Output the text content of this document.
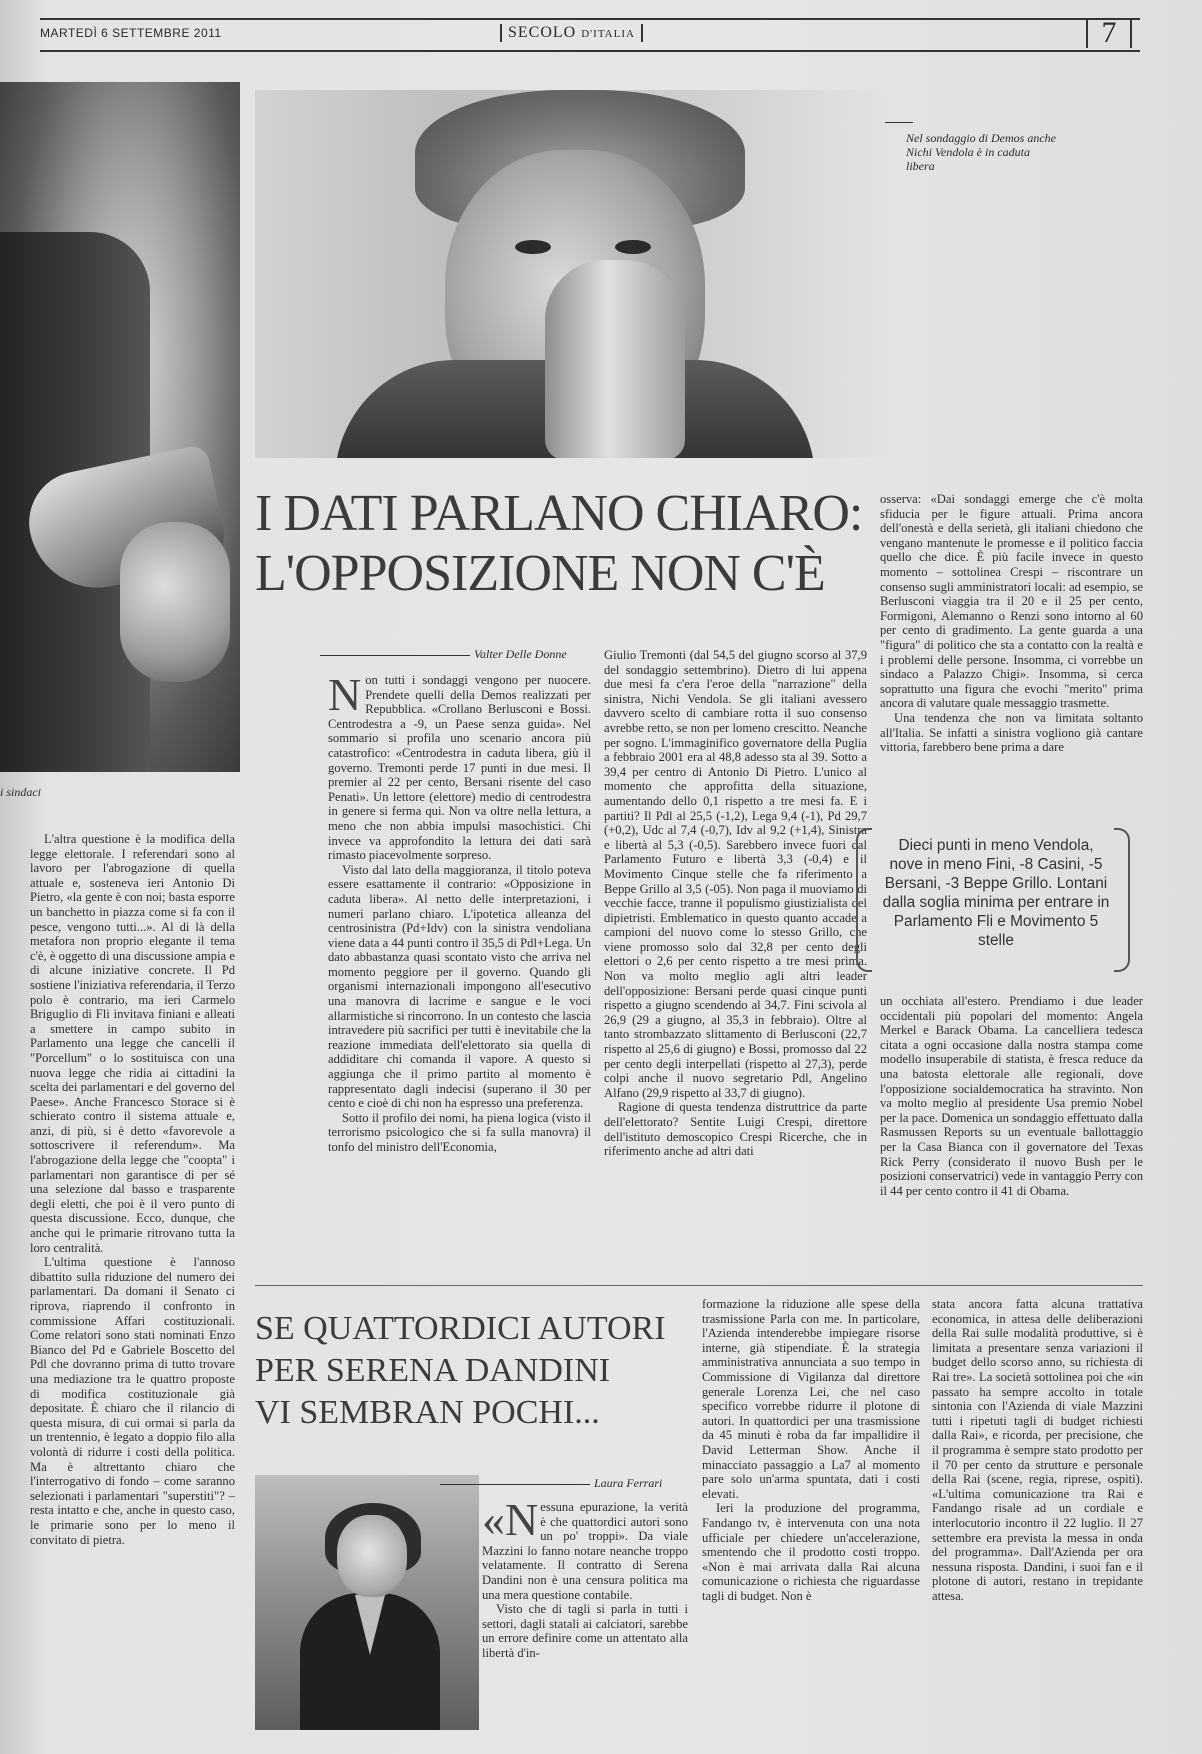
MARTEDÌ 6 SETTEMBRE 2011	SECOLO D'ITALIA	7
i sindaci
Nel sondaggio di Demos anche Nichi Vendola è in caduta libera
I DATI PARLANO CHIARO:
L'OPPOSIZIONE NON C'È
Valter Delle Donne

L'altra questione è la modifica della legge elettorale. I referendari sono al lavoro per l'abrogazione di quella attuale e, sosteneva ieri Antonio Di Pietro, «la gente è con noi; basta esporre un banchetto in piazza come si fa con il pesce, vengono tutti...». Al di là della metafora non proprio elegante il tema c'è, è oggetto di una discussione ampia e di alcune iniziative concrete. Il Pd sostiene l'iniziativa referendaria, il Terzo polo è contrario, ma ieri Carmelo Briguglio di Fli invitava finiani e alleati a smettere in campo subito in Parlamento una legge che cancelli il "Porcellum" o lo sostituisca con una nuova legge che ridia ai cittadini la scelta dei parlamentari e del governo del Paese». Anche Francesco Storace si è schierato contro il sistema attuale e, anzi, di più, si è detto «favorevole a sottoscrivere il referendum». Ma l'abrogazione della legge che "coopta" i parlamentari non garantisce di per sé una selezione dal basso e trasparente degli eletti, che poi è il vero punto di questa discussione. Ecco, dunque, che anche qui le primarie ritrovano tutta la loro centralità.

L'ultima questione è l'annoso dibattito sulla riduzione del numero dei parlamentari. Da domani il Senato ci riprova, riaprendo il confronto in commissione Affari costituzionali. Come relatori sono stati nominati Enzo Bianco del Pd e Gabriele Boscetto del Pdl che dovranno prima di tutto trovare una mediazione tra le quattro proposte di modifica costituzionale già depositate. È chiaro che il rilancio di questa misura, di cui ormai si parla da un trentennio, è legato a doppio filo alla volontà di ridurre i costi della politica. Ma è altrettanto chiaro che l'interrogativo di fondo – come saranno selezionati i parlamentari "superstiti"? – resta intatto e che, anche in questo caso, le primarie sono per lo meno il convitato di pietra.

Non tutti i sondaggi vengono per nuocere. Prendete quelli della Demos realizzati per Repubblica. «Crollano Berlusconi e Bossi. Centrodestra a -9, un Paese senza guida». Nel sommario si profila uno scenario ancora più catastrofico: «Centrodestra in caduta libera, giù il governo. Tremonti perde 17 punti in due mesi. Il premier al 22 per cento, Bersani risente del caso Penati». Un lettore (elettore) medio di centrodestra in genere si ferma qui. Non va oltre nella lettura, a meno che non abbia impulsi masochistici. Chi invece va approfondito la lettura dei dati sarà rimasto piacevolmente sorpreso.

Visto dal lato della maggioranza, il titolo poteva essere esattamente il contrario: «Opposizione in caduta libera». Al netto delle interpretazioni, i numeri parlano chiaro. L'ipotetica alleanza del centrosinistra (Pd+Idv) con la sinistra vendoliana viene data a 44 punti contro il 35,5 di Pdl+Lega. Un dato abbastanza quasi scontato visto che arriva nel momento peggiore per il governo. Quando gli organismi internazionali impongono all'esecutivo una manovra di lacrime e sangue e le voci allarmistiche si rincorrono. In un contesto che lascia intravedere più sacrifici per tutti è inevitabile che la reazione immediata dell'elettorato sia quella di addiditare chi comanda il vapore. A questo si aggiunga che il primo partito al momento è rappresentato dagli indecisi (superano il 30 per cento e cioè di chi non ha espresso una preferenza.

Sotto il profilo dei nomi, ha piena logica (visto il terrorismo psicologico che si fa sulla manovra) il tonfo del ministro dell'Economia,

Giulio Tremonti (dal 54,5 del giugno scorso al 37,9 del sondaggio settembrino). Dietro di lui appena due mesi fa c'era l'eroe della "narrazione" della sinistra, Nichi Vendola. Se gli italiani avessero davvero scelto di cambiare rotta il suo consenso avrebbe retto, se non per lomeno crescitto. Neanche per sogno. L'immaginifico governatore della Puglia a febbraio 2001 era al 48,8 adesso sta al 39. Sotto a 39,4 per centro di Antonio Di Pietro. L'unico al momento che approfitta della situazione, aumentando dello 0,1 rispetto a tre mesi fa. E i partiti? Il Pdl al 25,5 (-1,2), Lega 9,4 (-1), Pd 29,7 (+0,2), Udc al 7,4 (-0,7), Idv al 9,2 (+1,4), Sinistra e libertà al 5,3 (-0,5). Sarebbero invece fuori dal Parlamento Futuro e libertà 3,3 (-0,4) e il Movimento Cinque stelle che fa riferimento a Beppe Grillo al 3,5 (-05). Non paga il muoviamo di vecchie facce, tranne il populismo giustizialista del dipietristi. Emblematico in questo quanto accade a campioni del nuovo come lo stesso Grillo, che viene promosso solo dal 32,8 per cento degli elettori o 2,6 per cento rispetto a tre mesi prima. Non va molto meglio agli altri leader dell'opposizione: Bersani perde quasi cinque punti rispetto a giugno scendendo al 34,7. Fini scivola al 26,9 (29 a giugno, al 35,3 in febbraio). Oltre al tanto strombazzato slittamento di Berlusconi (22,7 rispetto al 25,6 di giugno) e Bossi, promosso dal 22 per cento degli interpellati (rispetto al 27,3), perde colpi anche il nuovo segretario Pdl, Angelino Alfano (29,9 rispetto al 33,7 di giugno).

Ragione di questa tendenza distruttrice da parte dell'elettorato? Sentite Luigi Crespi, direttore dell'istituto demoscopico Crespi Ricerche, che in riferimento anche ad altri dati

osserva: «Dai sondaggi emerge che c'è molta sfiducia per le figure attuali. Prima ancora dell'onestà e della serietà, gli italiani chiedono che vengano mantenute le promesse e il politico faccia quello che dice. È più facile invece in questo momento – sottolinea Crespi – riscontrare un consenso sugli amministratori locali: ad esempio, se Berlusconi viaggia tra il 20 e il 25 per cento, Formigoni, Alemanno o Renzi sono intorno al 60 per cento di gradimento. La gente guarda a una "figura" di politico che sta a contatto con la realtà e i problemi delle persone. Insomma, ci vorrebbe un sindaco a Palazzo Chigi». Insomma, si cerca soprattutto una figura che evochi "merito" prima ancora di valutare quale messaggio trasmette.

Una tendenza che non va limitata soltanto all'Italia. Se infatti a sinistra vogliono già cantare vittoria, farebbero bene prima a dare

Dieci punti in meno Vendola, nove in meno Fini, -8 Casini, -5 Bersani, -3 Beppe Grillo. Lontani dalla soglia minima per entrare in Parlamento Fli e Movimento 5 stelle

un occhiata all'estero. Prendiamo i due leader occidentali più popolari del momento: Angela Merkel e Barack Obama. La cancelliera tedesca citata a ogni occasione dalla nostra stampa come modello insuperabile di statista, è fresca reduce da una batosta elettorale alle regionali, dove l'opposizione socialdemocratica ha stravinto. Non va molto meglio al presidente Usa premio Nobel per la pace. Domenica un sondaggio effettuato dalla Rasmussen Reports su un eventuale ballottaggio per la Casa Bianca con il governatore del Texas Rick Perry (considerato il nuovo Bush per le posizioni conservatrici) vede in vantaggio Perry con il 44 per cento contro il 41 di Obama.

SE QUATTORDICI AUTORI
PER SERENA DANDINI
VI SEMBRAN POCHI...
Laura Ferrari

«Nessuna epurazione, la verità è che quattordici autori sono un po' troppi». Da viale Mazzini lo fanno notare neanche troppo velatamente. Il contratto di Serena Dandini non è una censura politica ma una mera questione contabile.

Visto che di tagli si parla in tutti i settori, dagli statali ai calciatori, sarebbe un errore definire come un attentato alla libertà d'in-

formazione la riduzione alle spese della trasmissione Parla con me. In particolare, l'Azienda intenderebbe impiegare risorse interne, già stipendiate. È la strategia amministrativa annunciata a suo tempo in Commissione di Vigilanza dal direttore generale Lorenza Lei, che nel caso specifico vorrebbe ridurre il plotone di autori. In quattordici per una trasmissione da 45 minuti è roba da far impallidire il David Letterman Show. Anche il minacciato passaggio a La7 al momento pare solo un'arma spuntata, dati i costi elevati.

Ieri la produzione del programma, Fandango tv, è intervenuta con una nota ufficiale per chiedere un'accelerazione, smentendo che il prodotto costi troppo. «Non è mai arrivata dalla Rai alcuna comunicazione o richiesta che riguardasse tagli di budget. Non è

stata ancora fatta alcuna trattativa economica, in attesa delle deliberazioni della Rai sulle modalità produttive, si è limitata a presentare senza variazioni il budget dello scorso anno, su richiesta di Rai tre». La società sottolinea poi che «in passato ha sempre accolto in totale sintonia con l'Azienda di viale Mazzini tutti i ripetuti tagli di budget richiesti dalla Rai», e ricorda, per precisione, che il programma è sempre stato prodotto per il 70 per cento da strutture e personale della Rai (scene, regia, riprese, ospiti). «L'ultima comunicazione tra Rai e Fandango risale ad un cordiale e interlocutorio incontro il 22 luglio. Il 27 settembre era prevista la messa in onda del programma». Dall'Azienda per ora nessuna risposta. Dandini, i suoi fan e il plotone di autori, restano in trepidante attesa.
